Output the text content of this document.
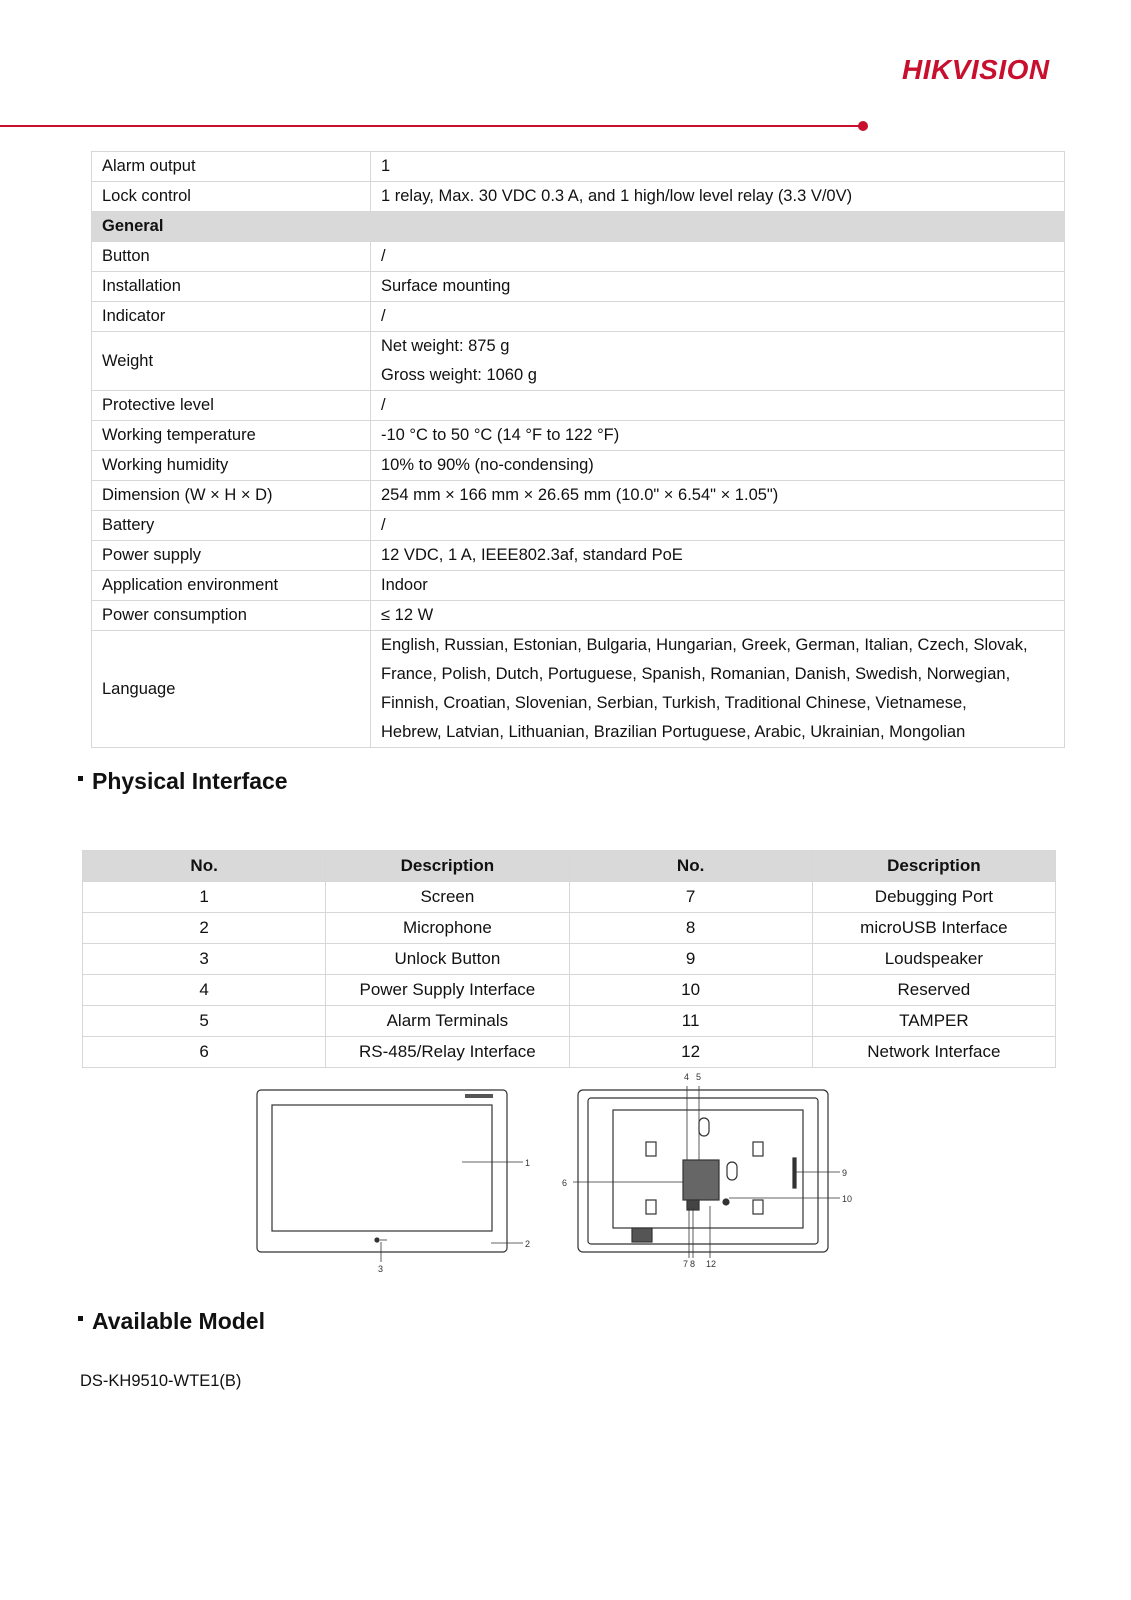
HIKVISION
Alarm output	1

Lock control	1 relay, Max. 30 VDC 0.3 A, and 1 high/low level relay (3.3 V/0V)

General	
Button	/

Installation	Surface mounting

Indicator	/

Weight	Net weight: 875 g
Gross weight: 1060 g

Protective level	/

Working temperature	-10 °C to 50 °C (14 °F to 122 °F)

Working humidity	10% to 90% (no-condensing)

Dimension (W × H × D)	254 mm × 166 mm × 26.65 mm (10.0" × 6.54" × 1.05")

Battery	/

Power supply	12 VDC, 1 A, IEEE802.3af, standard PoE

Application environment	Indoor

Power consumption	≤ 12 W

Language	English, Russian, Estonian, Bulgaria, Hungarian, Greek, German, Italian, Czech, Slovak,
France, Polish, Dutch, Portuguese, Spanish, Romanian, Danish, Swedish, Norwegian,
Finnish, Croatian, Slovenian, Serbian, Turkish, Traditional Chinese, Vietnamese,
Hebrew, Latvian, Lithuanian, Brazilian Portuguese, Arabic, Ukrainian, Mongolian
Physical Interface
No.	Description	No.	Description
1	Screen	7	Debugging Port
2	Microphone	8	microUSB Interface
3	Unlock Button	9	Loudspeaker
4	Power Supply Interface	10	Reserved
5	Alarm Terminals	11	TAMPER
6	RS-485/Relay Interface	12	Network Interface
1
2
3
4 5
6
7 8
9
10
12
Available Model
DS-KH9510-WTE1(B)
